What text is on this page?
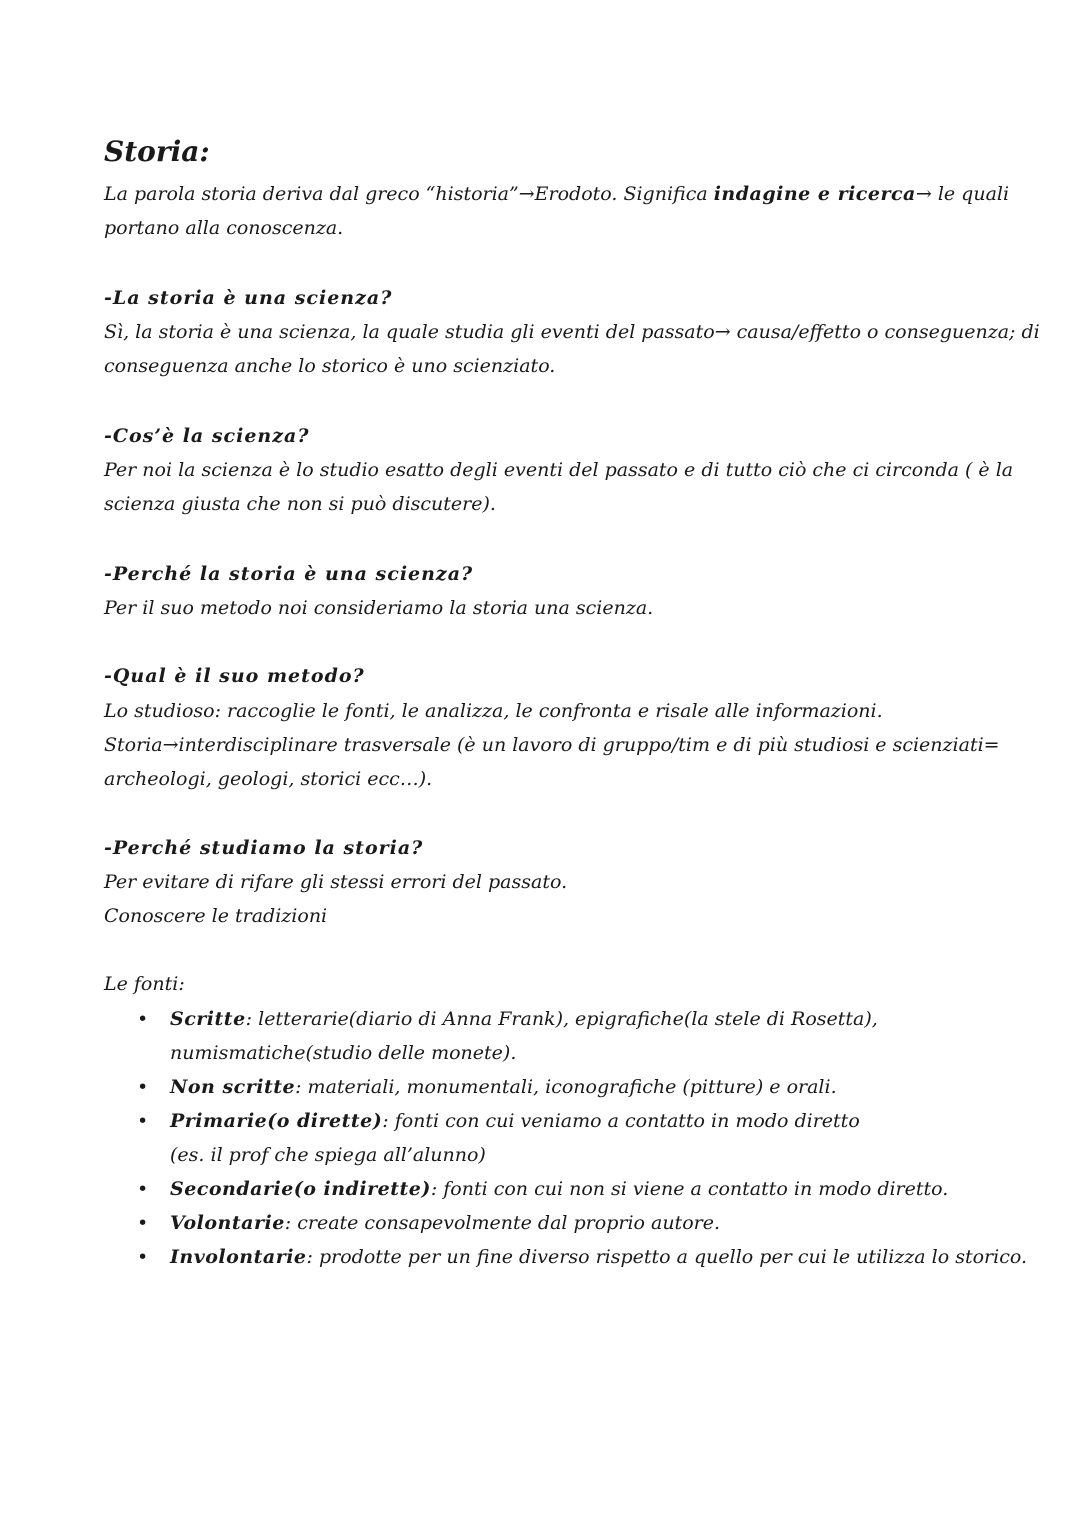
Storia:

La parola storia deriva dal greco “historia”→Erodoto. Significa indagine e ricerca→ le quali

portano alla conoscenza.

-La storia è una scienza?

Sì, la storia è una scienza, la quale studia gli eventi del passato→ causa/effetto o conseguenza; di

conseguenza anche lo storico è uno scienziato.

-Cos’è la scienza?

Per noi la scienza è lo studio esatto degli eventi del passato e di tutto ciò che ci circonda ( è la

scienza giusta che non si può discutere).

-Perché la storia è una scienza?

Per il suo metodo noi consideriamo la storia una scienza.

-Qual è il suo metodo?

Lo studioso: raccoglie le fonti, le analizza, le confronta e risale alle informazioni.

Storia→interdisciplinare trasversale (è un lavoro di gruppo/tim e di più studiosi e scienziati=

archeologi, geologi, storici ecc…).

-Perché studiamo la storia?

Per evitare di rifare gli stessi errori del passato.

Conoscere le tradizioni

Le fonti:

• Scritte: letterarie(diario di Anna Frank), epigrafiche(la stele di Rosetta),
numismatiche(studio delle monete).
• Non scritte: materiali, monumentali, iconografiche (pitture) e orali.
• Primarie(o dirette): fonti con cui veniamo a contatto in modo diretto
(es. il prof che spiega all’alunno)
• Secondarie(o indirette): fonti con cui non si viene a contatto in modo diretto.
• Volontarie: create consapevolmente dal proprio autore.
• Involontarie: prodotte per un fine diverso rispetto a quello per cui le utilizza lo storico.
